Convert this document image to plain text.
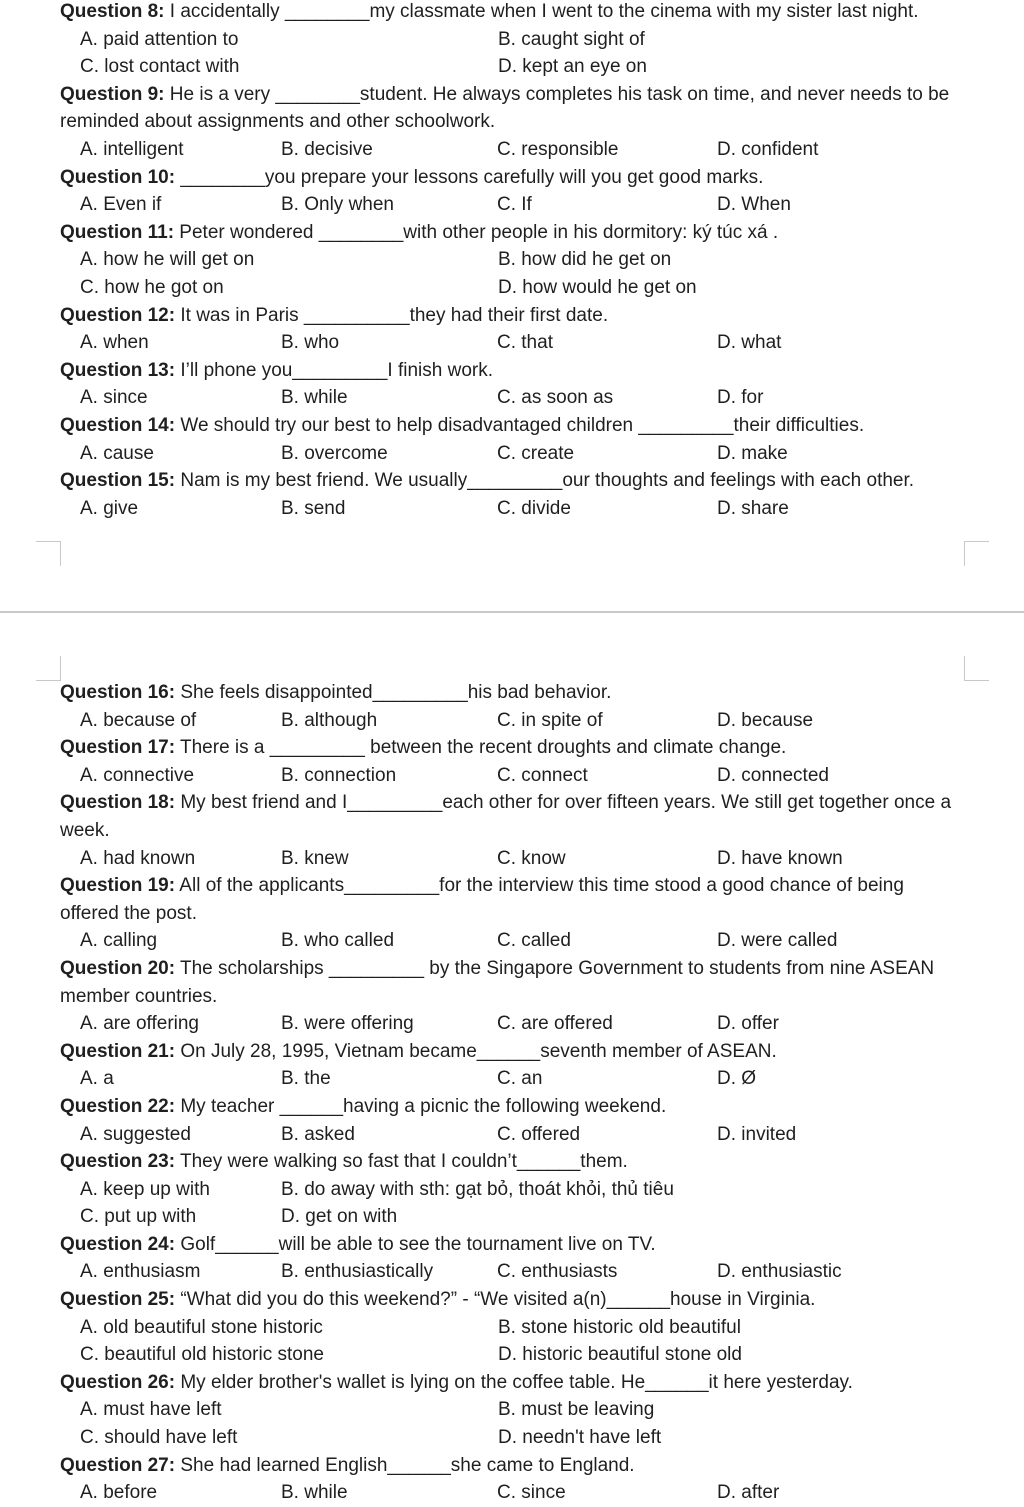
Question 8: I accidentally ________my classmate when I went to the cinema with my sister last night.

A. paid attention to	B. caught sight of
C. lost contact with	D. kept an eye on

Question 9: He is a very ________student. He always completes his task on time, and never needs to be reminded about assignments and other schoolwork.

A. intelligent	B. decisive	C. responsible	D. confident

Question 10: ________you prepare your lessons carefully will you get good marks.

A. Even if	B. Only when	C. If	D. When

Question 11: Peter wondered ________with other people in his dormitory: ký túc xá .

A. how he will get on	B. how did he get on
C. how he got on	D. how would he get on

Question 12: It was in Paris __________they had their first date.

A. when	B. who	C. that	D. what

Question 13: I’ll phone you_________I finish work.

A. since	B. while	C. as soon as	D. for

Question 14: We should try our best to help disadvantaged children _________their difficulties.

A. cause	B. overcome	C. create	D. make

Question 15: Nam is my best friend. We usually_________our thoughts and feelings with each other.

A. give	B. send	C. divide	D. share

Question 16: She feels disappointed_________his bad behavior.

A. because of	B. although	C. in spite of	D. because

Question 17: There is a _________ between the recent droughts and climate change.

A. connective	B. connection	C. connect	D. connected

Question 18: My best friend and I_________each other for over fifteen years. We still get together once a week.

A. had known	B. knew	C. know	D. have known

Question 19: All of the applicants_________for the interview this time stood a good chance of being offered the post.

A. calling	B. who called	C. called	D. were called

Question 20: The scholarships _________ by the Singapore Government to students from nine ASEAN member countries.

A. are offering	B. were offering	C. are offered	D. offer

Question 21: On July 28, 1995, Vietnam became______seventh member of ASEAN.

A. a	B. the	C. an	D. Ø

Question 22: My teacher ______having a picnic the following weekend.

A. suggested	B. asked	C. offered	D. invited

Question 23: They were walking so fast that I couldn’t______them.

A. keep up with	B. do away with sth: gạt bỏ, thoát khỏi, thủ tiêu
C. put up with	D. get on with

Question 24: Golf______will be able to see the tournament live on TV.

A. enthusiasm	B. enthusiastically	C. enthusiasts	D. enthusiastic

Question 25: “What did you do this weekend?” - “We visited a(n)______house in Virginia.

A. old beautiful stone historic	B. stone historic old beautiful
C. beautiful old historic stone	D. historic beautiful stone old

Question 26: My elder brother's wallet is lying on the coffee table. He______it here yesterday.

A. must have left	B. must be leaving
C. should have left	D. needn't have left

Question 27: She had learned English______she came to England.

A. before	B. while	C. since	D. after
